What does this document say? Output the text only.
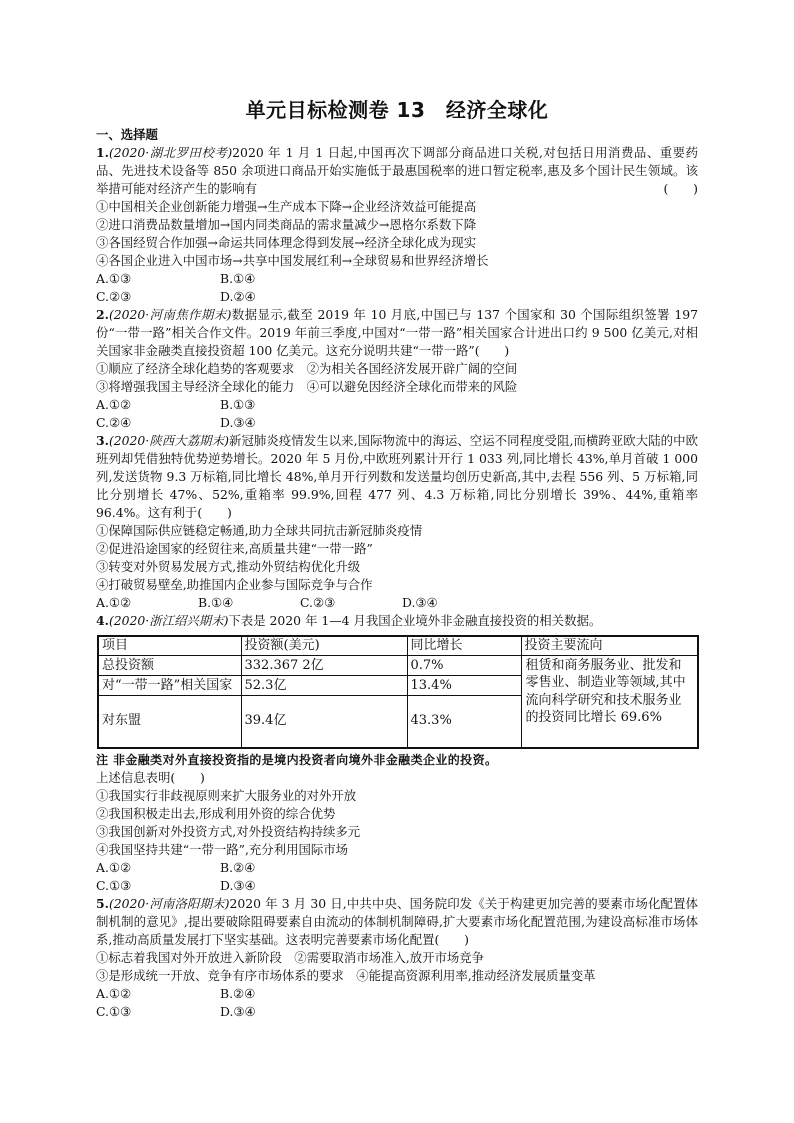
单元目标检测卷 13　经济全球化
一、选择题

1.(2020·湖北罗田校考)2020 年 1 月 1 日起,中国再次下调部分商品进口关税,对包括日用消费品、重要药品、先进技术设备等 850 余项进口商品开始实施低于最惠国税率的进口暂定税率,惠及多个国计民生领域。该举措可能对经济产生的影响有	(　　)

①中国相关企业创新能力增强→生产成本下降→企业经济效益可能提高
②进口消费品数量增加→国内同类商品的需求量减少→恩格尔系数下降
③各国经贸合作加强→命运共同体理念得到发展→经济全球化成为现实
④各国企业进入中国市场→共享中国发展红利→全球贸易和世界经济增长
A.①③	B.①④
C.②③	D.②④

2.(2020·河南焦作期末)数据显示,截至 2019 年 10 月底,中国已与 137 个国家和 30 个国际组织签署 197 份“一带一路”相关合作文件。2019 年前三季度,中国对“一带一路”相关国家合计进出口约 9 500 亿美元,对相关国家非金融类直接投资超 100 亿美元。这充分说明共建“一带一路”(　　)

①顺应了经济全球化趋势的客观要求　②为相关各国经济发展开辟广阔的空间
③将增强我国主导经济全球化的能力　④可以避免因经济全球化而带来的风险
A.①②	B.①③
C.②④	D.③④

3.(2020·陕西大荔期末)新冠肺炎疫情发生以来,国际物流中的海运、空运不同程度受阻,而横跨亚欧大陆的中欧班列却凭借独特优势逆势增长。2020 年 5 月份,中欧班列累计开行 1 033 列,同比增长 43%,单月首破 1 000 列,发送货物 9.3 万标箱,同比增长 48%,单月开行列数和发送量均创历史新高,其中,去程 556 列、5 万标箱,同比分别增长 47%、52%,重箱率 99.9%,回程 477 列、4.3 万标箱,同比分别增长 39%、44%,重箱率 96.4%。这有利于(　　)

①保障国际供应链稳定畅通,助力全球共同抗击新冠肺炎疫情
②促进沿途国家的经贸往来,高质量共建“一带一路”
③转变对外贸易发展方式,推动外贸结构优化升级
④打破贸易壁垒,助推国内企业参与国际竞争与合作
A.①②	B.①④	C.②③	D.③④

4.(2020·浙江绍兴期末)下表是 2020 年 1—4 月我国企业境外非金融直接投资的相关数据。

项目	投资额(美元)	同比增长	投资主要流向
总投资额	332.367 2亿	0.7%	租赁和商务服务业、批发和零售业、制造业等领域,其中流向科学研究和技术服务业的投资同比增长 69.6%
对“一带一路”相关国家	52.3亿	13.4%	
对东盟	39.4亿	43.3%	
注 非金融类对外直接投资指的是境内投资者向境外非金融类企业的投资。

上述信息表明(　　)

①我国实行非歧视原则来扩大服务业的对外开放
②我国积极走出去,形成利用外资的综合优势
③我国创新对外投资方式,对外投资结构持续多元
④我国坚持共建“一带一路”,充分利用国际市场
A.①②	B.②④
C.①③	D.③④

5.(2020·河南洛阳期末)2020 年 3 月 30 日,中共中央、国务院印发《关于构建更加完善的要素市场化配置体制机制的意见》,提出要破除阻碍要素自由流动的体制机制障碍,扩大要素市场化配置范围,为建设高标准市场体系,推动高质量发展打下坚实基础。这表明完善要素市场化配置(　　)

①标志着我国对外开放进入新阶段　②需要取消市场准入,放开市场竞争
③是形成统一开放、竞争有序市场体系的要求　④能提高资源利用率,推动经济发展质量变革
A.①②	B.②④
C.①③	D.③④
